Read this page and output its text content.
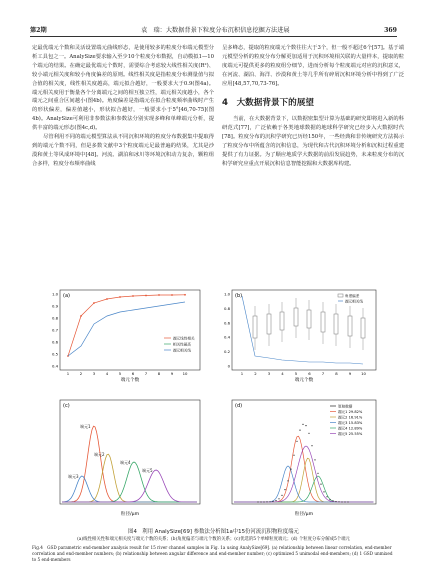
第2期	袁　瑞：大数据背景下粒度分布沉积信息挖掘方法进展	369

定最优端元个数和灵活设置端元曲线形态，是使用较多的粒度分布端元模型分析工具包之一。AnalySize要求输入至少10个粒度分布数据，自动模拟1—10个端元的结果。在确定最优端元个数时，需要综合考虑较大线性相关度(R²)、较小端元相关度和较小角度偏差的原则。线性相关度是指粒度分布测量值与拟合值的相关度，线性相关度越高，端元拟合越好，一般要求大于0.9(图4a)。端元相关度用于衡量各个分离端元之间的相互独立性，端元相关度越小，各个端元之间重合区间越小(图4b)。角度偏差是指端元在拟合粒度频率曲线时产生的形状偏差，偏差值越小，形状拟合越好，一般要求小于5°[46,70-75](图4b)。AnalySize可利用非参数法和参数法分别实现多峰和单峰端元分析，提供丰富的端元形态(图4c,d)。

尽管利用不同的端元模型算法从不同沉积环境的粒度分布数据集中提取得到的端元个数不同，但是多数文献中3个粒度端元足最普遍的结果，尤其是沙漠和黄土等风成环境中[48]。河流、湖泊和冰川等环境沉积动力复杂，颗粒组合多样，粒度分布频率曲线

呈多峰态，提取的粒度端元个数往往大于3个，但一般不超过6个[57]。基于端元模型分析的粒度分布分解更加适用于沉积环境相关联的大量样本，提取的粒度端元可提供更多的粒度组分细节，进而分析每个粒度端元对应的沉积意义，在河流、湖泊、海洋、沙漠和黄土等几乎所有碎屑沉积环境分析中得到了广泛应用[48,57,70,73-76]。

4　大数据背景下的展望

当前，在大数据背景下，以数据密集型计算为基础的研究即将进入新的科研范式[77]，广泛依赖于各类地球数据的地球科学研究已经步入大数据时代[78]。粒度分布的沉积学研究已历经150年，一些经典和非传统研究方法揭示了粒度分布中所蕴含的沉积信息，为现代和古代沉积环境分析和沉积过程重建提供了有力证据。为了顺应地质学大数据的前沿发展趋势，未来粒度分布的沉积学研究应重点开展沉积信息智能挖掘和大数据库构建。

(a)
1.0
0.9
0.8
0.7
0.6
0.5
0.4
1	2	3	4	5	6	7	8	9 10
端元个数
端元线性相关
相关性最高
端元相关线
(b)
1.0
0.8
0.6
0.4
0.2
0
1	2	3	4	5	6	7	8	9	10
端元个数
角度偏差
端元相关线
(c)
端元1
端元2
端元3
端元4
端元5
粒径/μm
(d)	原始数据
端元1 29.82%
端元2 16.91%
端元3 15.83%
端元4 12.89%
端元5 25.55%
粒径/μm
图4　利用 AnalySize[69] 参数法分析图1a中15份河流沉积物粒度端元
(a)线性相关性和端元相关度与端元个数的关系；(b)角度偏差与端元个数的关系；(c)优选的5个单峰粒度端元；(d) 个粒度分布分解成5个端元
Fig.4　GSD parametric end-member analysis result for 15 river channel samples in Fig. 1a using AnalySize[69]. (a) relationship between linear correlation, end-member correlation and end-member numbers; (b) relationship between angular difference and end-member number; (c) optimized 5 unimodal end-members; (d) 1 GSD unmixed to 5 end-members
